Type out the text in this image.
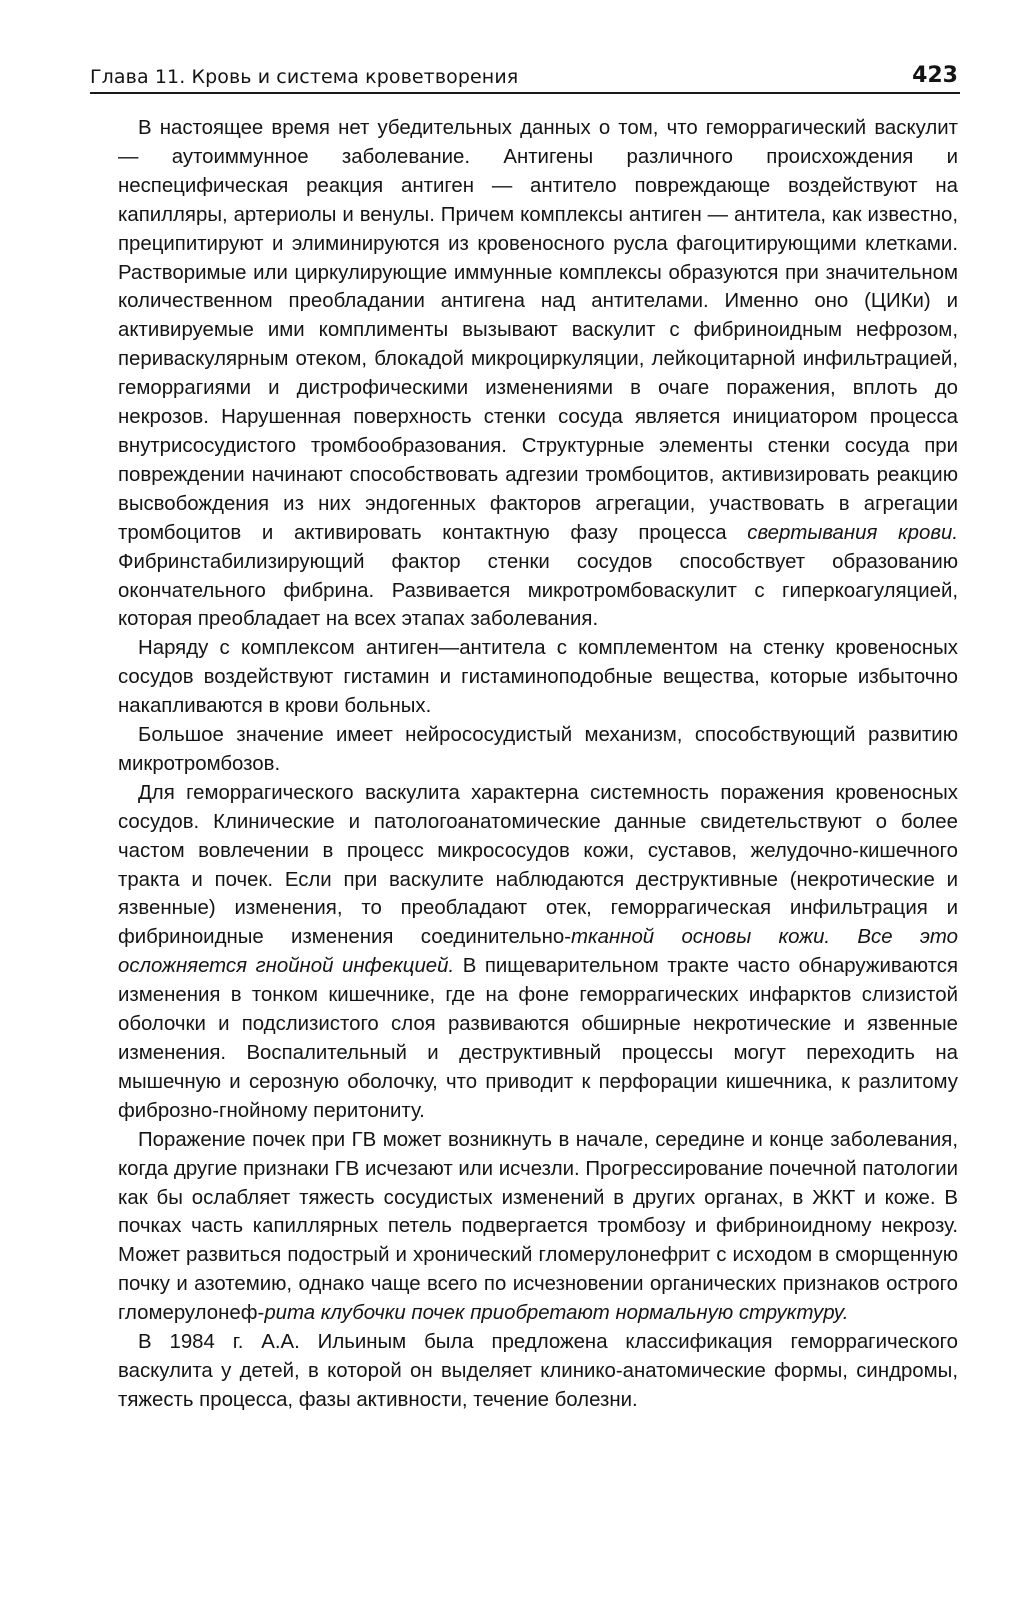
Глава 11. Кровь и система кроветворения	423

В настоящее время нет убедительных данных о том, что геморрагический васкулит — аутоиммунное заболевание. Антигены различного происхождения и неспецифическая реакция антиген — антитело повреждающе воздействуют на капилляры, артериолы и венулы. Причем комплексы антиген — антитела, как известно, преципитируют и элиминируются из кровеносного русла фагоцитирующими клетками. Растворимые или циркулирующие иммунные комплексы образуются при значительном количественном преобладании антигена над антителами. Именно оно (ЦИКи) и активируемые ими комплименты вызывают васкулит с фибриноидным нефрозом, периваскулярным отеком, блокадой микроциркуляции, лейкоцитарной инфильтрацией, геморрагиями и дистрофическими изменениями в очаге поражения, вплоть до некрозов. Нарушенная поверхность стенки сосуда является инициатором процесса внутрисосудистого тромбообразования. Структурные элементы стенки сосуда при повреждении начинают способствовать адгезии тромбоцитов, активизировать реакцию высвобождения из них эндогенных факторов агрегации, участвовать в агрегации тромбоцитов и активировать контактную фазу процесса свертывания крови. Фибринстабилизирующий фактор стенки сосудов способствует образованию окончательного фибрина. Развивается микротромбоваскулит с гиперкоагуляцией, которая преобладает на всех этапах заболевания.

Наряду с комплексом антиген—антитела с комплементом на стенку кровеносных сосудов воздействуют гистамин и гистаминоподобные вещества, которые избыточно накапливаются в крови больных.

Большое значение имеет нейрососудистый механизм, способствующий развитию микротромбозов.

Для геморрагического васкулита характерна системность поражения кровеносных сосудов. Клинические и патологоанатомические данные свидетельствуют о более частом вовлечении в процесс микрососудов кожи, суставов, желудочно-кишечного тракта и почек. Если при васкулите наблюдаются деструктивные (некротические и язвенные) изменения, то преобладают отек, геморрагическая инфильтрация и фибриноидные изменения соединительно-тканной основы кожи. Все это осложняется гнойной инфекцией. В пищеварительном тракте часто обнаруживаются изменения в тонком кишечнике, где на фоне геморрагических инфарктов слизистой оболочки и подслизистого слоя развиваются обширные некротические и язвенные изменения. Воспалительный и деструктивный процессы могут переходить на мышечную и серозную оболочку, что приводит к перфорации кишечника, к разлитому фиброзно-гнойному перитониту.

Поражение почек при ГВ может возникнуть в начале, середине и конце заболевания, когда другие признаки ГВ исчезают или исчезли. Прогрессирование почечной патологии как бы ослабляет тяжесть сосудистых изменений в других органах, в ЖКТ и коже. В почках часть капиллярных петель подвергается тромбозу и фибриноидному некрозу. Может развиться подострый и хронический гломерулонефрит с исходом в сморщенную почку и азотемию, однако чаще всего по исчезновении органических признаков острого гломерулонеф-рита клубочки почек приобретают нормальную структуру.

В 1984 г. А.А. Ильиным была предложена классификация геморрагического васкулита у детей, в которой он выделяет клинико-анатомические формы, синдромы, тяжесть процесса, фазы активности, течение болезни.
